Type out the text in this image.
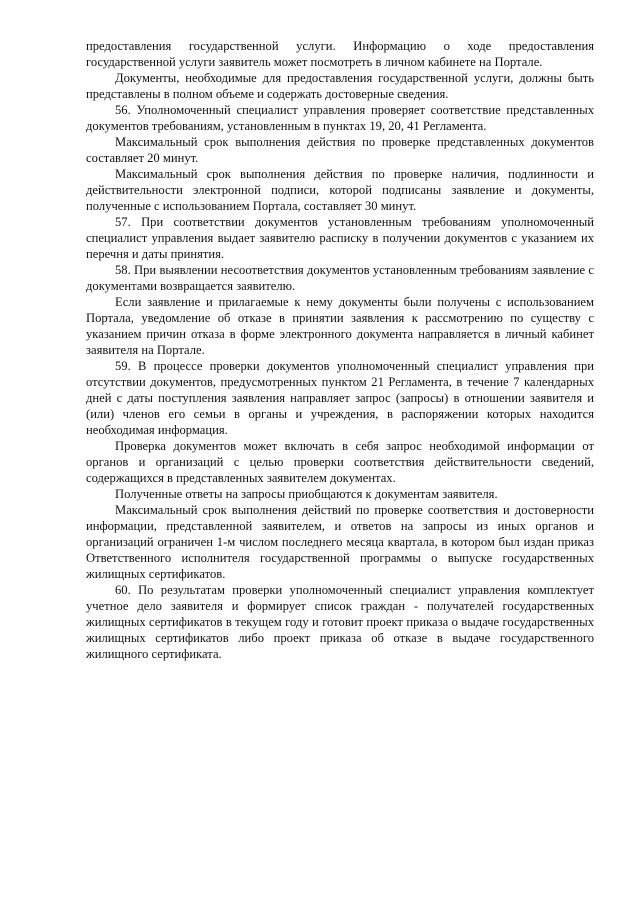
предоставления государственной услуги. Информацию о ходе предоставления государственной услуги заявитель может посмотреть в личном кабинете на Портале.

Документы, необходимые для предоставления государственной услуги, должны быть представлены в полном объеме и содержать достоверные сведения.

56. Уполномоченный специалист управления проверяет соответствие представленных документов требованиям, установленным в пунктах 19, 20, 41 Регламента.

Максимальный срок выполнения действия по проверке представленных документов составляет 20 минут.

Максимальный срок выполнения действия по проверке наличия, подлинности и действительности электронной подписи, которой подписаны заявление и документы, полученные с использованием Портала, составляет 30 минут.

57. При соответствии документов установленным требованиям уполномоченный специалист управления выдает заявителю расписку в получении документов с указанием их перечня и даты принятия.

58. При выявлении несоответствия документов установленным требованиям заявление с документами возвращается заявителю.

Если заявление и прилагаемые к нему документы были получены с использованием Портала, уведомление об отказе в принятии заявления к рассмотрению по существу с указанием причин отказа в форме электронного документа направляется в личный кабинет заявителя на Портале.

59. В процессе проверки документов уполномоченный специалист управления при отсутствии документов, предусмотренных пунктом 21 Регламента, в течение 7 календарных дней с даты поступления заявления направляет запрос (запросы) в отношении заявителя и (или) членов его семьи в органы и учреждения, в распоряжении которых находится необходимая информация.

Проверка документов может включать в себя запрос необходимой информации от органов и организаций с целью проверки соответствия действительности сведений, содержащихся в представленных заявителем документах.

Полученные ответы на запросы приобщаются к документам заявителя.

Максимальный срок выполнения действий по проверке соответствия и достоверности информации, представленной заявителем, и ответов на запросы из иных органов и организаций ограничен 1-м числом последнего месяца квартала, в котором был издан приказ Ответственного исполнителя государственной программы о выпуске государственных жилищных сертификатов.

60. По результатам проверки уполномоченный специалист управления комплектует учетное дело заявителя и формирует список граждан - получателей государственных жилищных сертификатов в текущем году и готовит проект приказа о выдаче государственных жилищных сертификатов либо проект приказа об отказе в выдаче государственного жилищного сертификата.
